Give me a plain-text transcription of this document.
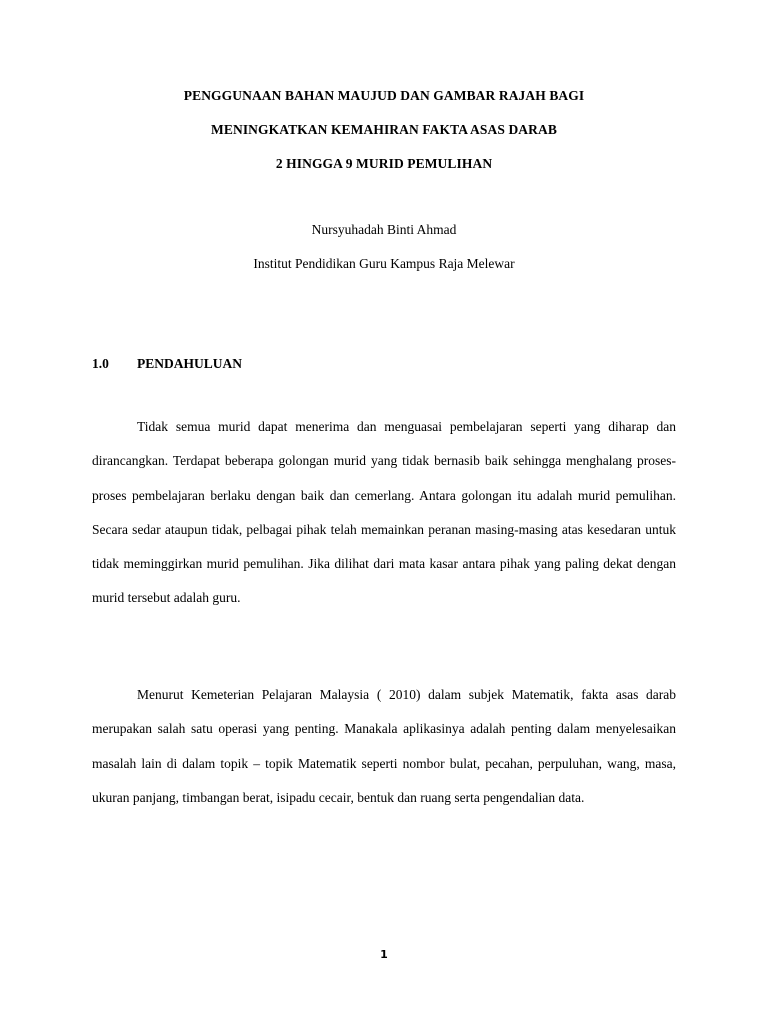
PENGGUNAAN BAHAN MAUJUD DAN GAMBAR RAJAH BAGI
MENINGKATKAN KEMAHIRAN FAKTA ASAS DARAB
2 HINGGA 9 MURID PEMULIHAN
Nursyuhadah Binti Ahmad
Institut Pendidikan Guru Kampus Raja Melewar
1.0 PENDAHULUAN

Tidak semua murid dapat menerima dan menguasai pembelajaran seperti yang diharap dan dirancangkan. Terdapat beberapa golongan murid yang tidak bernasib baik sehingga menghalang proses-proses pembelajaran berlaku dengan baik dan cemerlang. Antara golongan itu adalah murid pemulihan. Secara sedar ataupun tidak, pelbagai pihak telah memainkan peranan masing-masing atas kesedaran untuk tidak meminggirkan murid pemulihan. Jika dilihat dari mata kasar antara pihak yang paling dekat dengan murid tersebut adalah guru.

Menurut Kemeterian Pelajaran Malaysia ( 2010) dalam subjek Matematik, fakta asas darab merupakan salah satu operasi yang penting. Manakala aplikasinya adalah penting dalam menyelesaikan masalah lain di dalam topik – topik Matematik seperti nombor bulat, pecahan, perpuluhan, wang, masa, ukuran panjang, timbangan berat, isipadu cecair, bentuk dan ruang serta pengendalian data.

1
